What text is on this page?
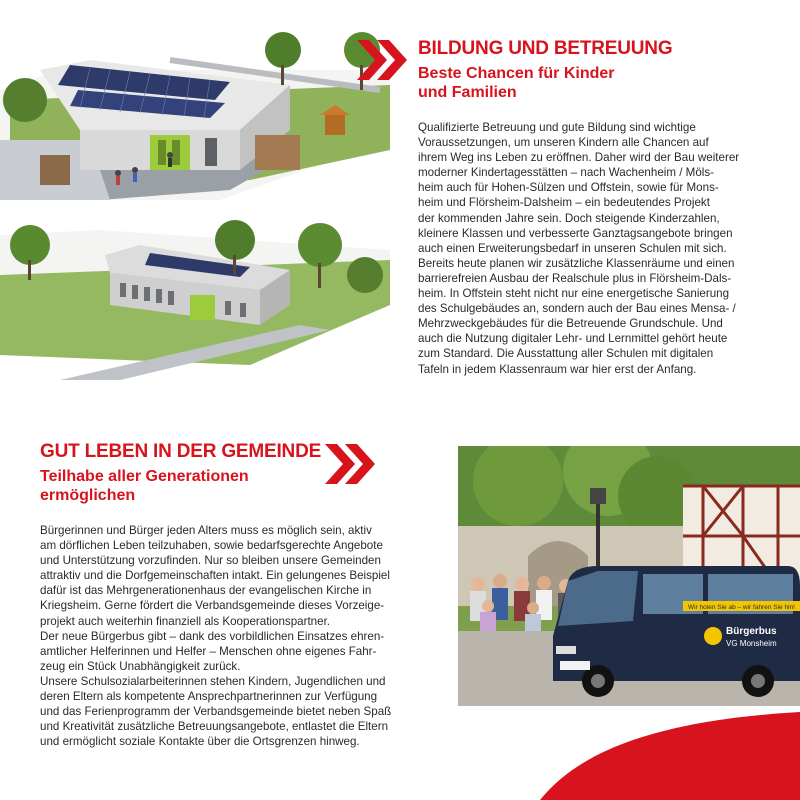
BILDUNG UND BETREUUNG
Beste Chancen für Kinder
und Familien
Qualifizierte Betreuung und gute Bildung sind wichtige
Voraussetzungen, um unseren Kindern alle Chancen auf
ihrem Weg ins Leben zu eröffnen. Daher wird der Bau weiterer
moderner Kindertagesstätten – nach Wachenheim / Möls-
heim auch für Hohen-Sülzen und Offstein, sowie für Mons-
heim und Flörsheim-Dalsheim – ein bedeutendes Projekt
der kommenden Jahre sein. Doch steigende Kinderzahlen,
kleinere Klassen und verbesserte Ganztagsangebote bringen
auch einen Erweiterungsbedarf in unseren Schulen mit sich.
Bereits heute planen wir zusätzliche Klassenräume und einen
barrierefreien Ausbau der Realschule plus in Flörsheim-Dals-
heim. In Offstein steht nicht nur eine energetische Sanierung
des Schulgebäudes an, sondern auch der Bau eines Mensa- /
Mehrzweckgebäudes für die Betreuende Grundschule. Und
auch die Nutzung digitaler Lehr- und Lernmittel gehört heute
zum Standard. Die Ausstattung aller Schulen mit digitalen
Tafeln in jedem Klassenraum war hier erst der Anfang.
GUT LEBEN IN DER GEMEINDE
Teilhabe aller Generationen
ermöglichen
Bürgerinnen und Bürger jeden Alters muss es möglich sein, aktiv
am dörflichen Leben teilzuhaben, sowie bedarfsgerechte Angebote
und Unterstützung vorzufinden. Nur so bleiben unsere Gemeinden
attraktiv und die Dorfgemeinschaften intakt. Ein gelungenes Beispiel
dafür ist das Mehrgenerationenhaus der evangelischen Kirche in
Kriegsheim. Gerne fördert die Verbandsgemeinde dieses Vorzeige-
projekt auch weiterhin finanziell als Kooperationspartner.
Der neue Bürgerbus gibt – dank des vorbildlichen Einsatzes ehren-
amtlicher Helferinnen und Helfer – Menschen ohne eigenes Fahr-
zeug ein Stück Unabhängigkeit zurück.
Unsere Schulsozialarbeiterinnen stehen Kindern, Jugendlichen und
deren Eltern als kompetente Ansprechpartnerinnen zur Verfügung
und das Ferienprogramm der Verbandsgemeinde bietet neben Spaß
und Kreativität zusätzliche Betreuungsangebote, entlastet die Eltern
und ermöglicht soziale Kontakte über die Ortsgrenzen hinweg.
Wir holen Sie ab – wir fahren Sie hin!
Bürgerbus
VG Monsheim
